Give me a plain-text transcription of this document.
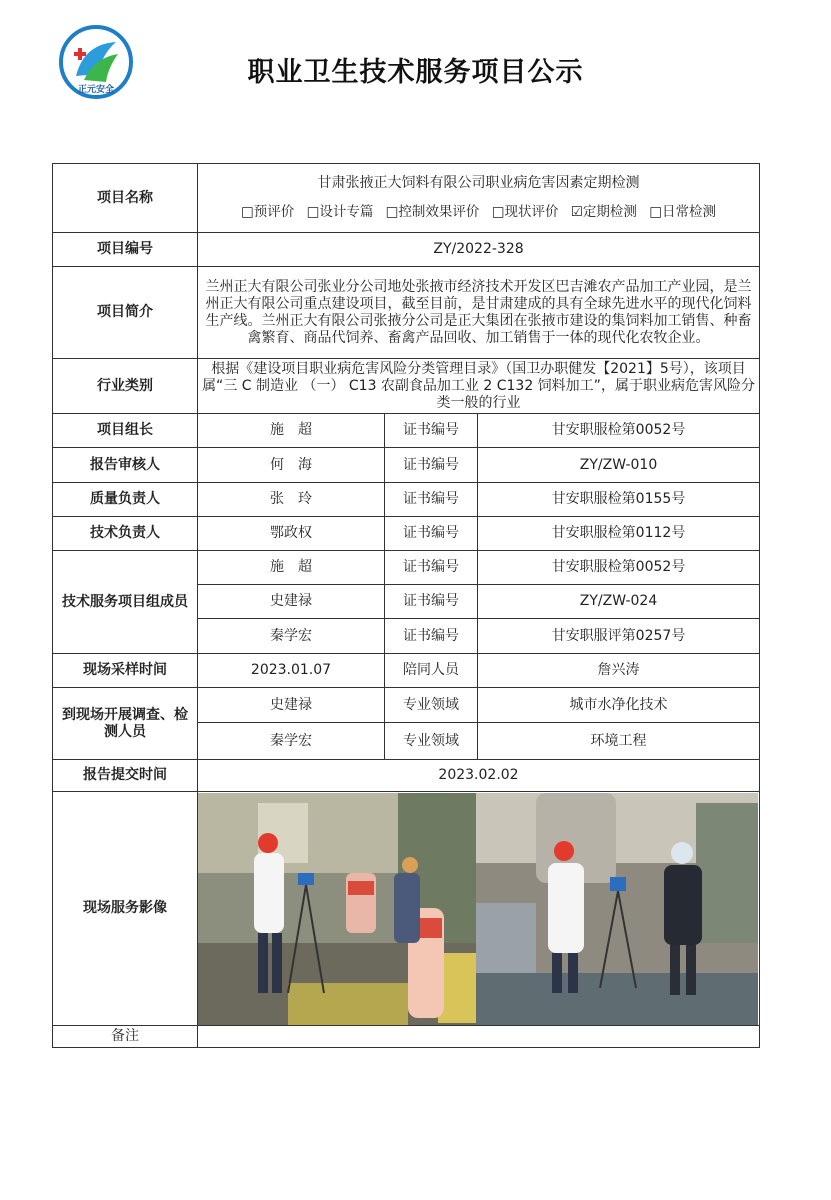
正元安全
职业卫生技术服务项目公示
项目名称	甘肃张掖正大饲料有限公司职业病危害因素定期检测
□预评价 □设计专篇 □控制效果评价 □现状评价 ☑定期检测 □日常检测		

项目编号	ZY/2022-328		
项目简介	兰州正大有限公司张业分公司地处张掖市经济技术开发区巴吉滩农产品加工产业园，是兰州正大有限公司重点建设项目，截至目前，是甘肃建成的具有全球先进水平的现代化饲料生产线。兰州正大有限公司张掖分公司是正大集团在张掖市建设的集饲料加工销售、种畜禽繁育、商品代饲养、畜禽产品回收、加工销售于一体的现代化农牧企业。		
行业类别	根据《建设项目职业病危害风险分类管理目录》（国卫办职健发【2021】5号），该项目属“三 C 制造业 （一） C13 农副食品加工业 2 C132 饲料加工”，属于职业病危害风险分类一般的行业		
项目组长	施　超	证书编号	甘安职服检第0052号
报告审核人	何　海	证书编号	ZY/ZW-010
质量负责人	张　玲	证书编号	甘安职服检第0155号
技术负责人	鄂政权	证书编号	甘安职服检第0112号
技术服务项目组成员	施　超	证书编号	甘安职服检第0052号
	史建禄	证书编号	ZY/ZW-024
	秦学宏	证书编号	甘安职服评第0257号
现场采样时间	2023.01.07	陪同人员	詹兴涛
到现场开展调查、检测人员	史建禄	专业领域	城市水净化技术
	秦学宏	专业领域	环境工程
报告提交时间	2023.02.02		
现场服务影像	

备注			
